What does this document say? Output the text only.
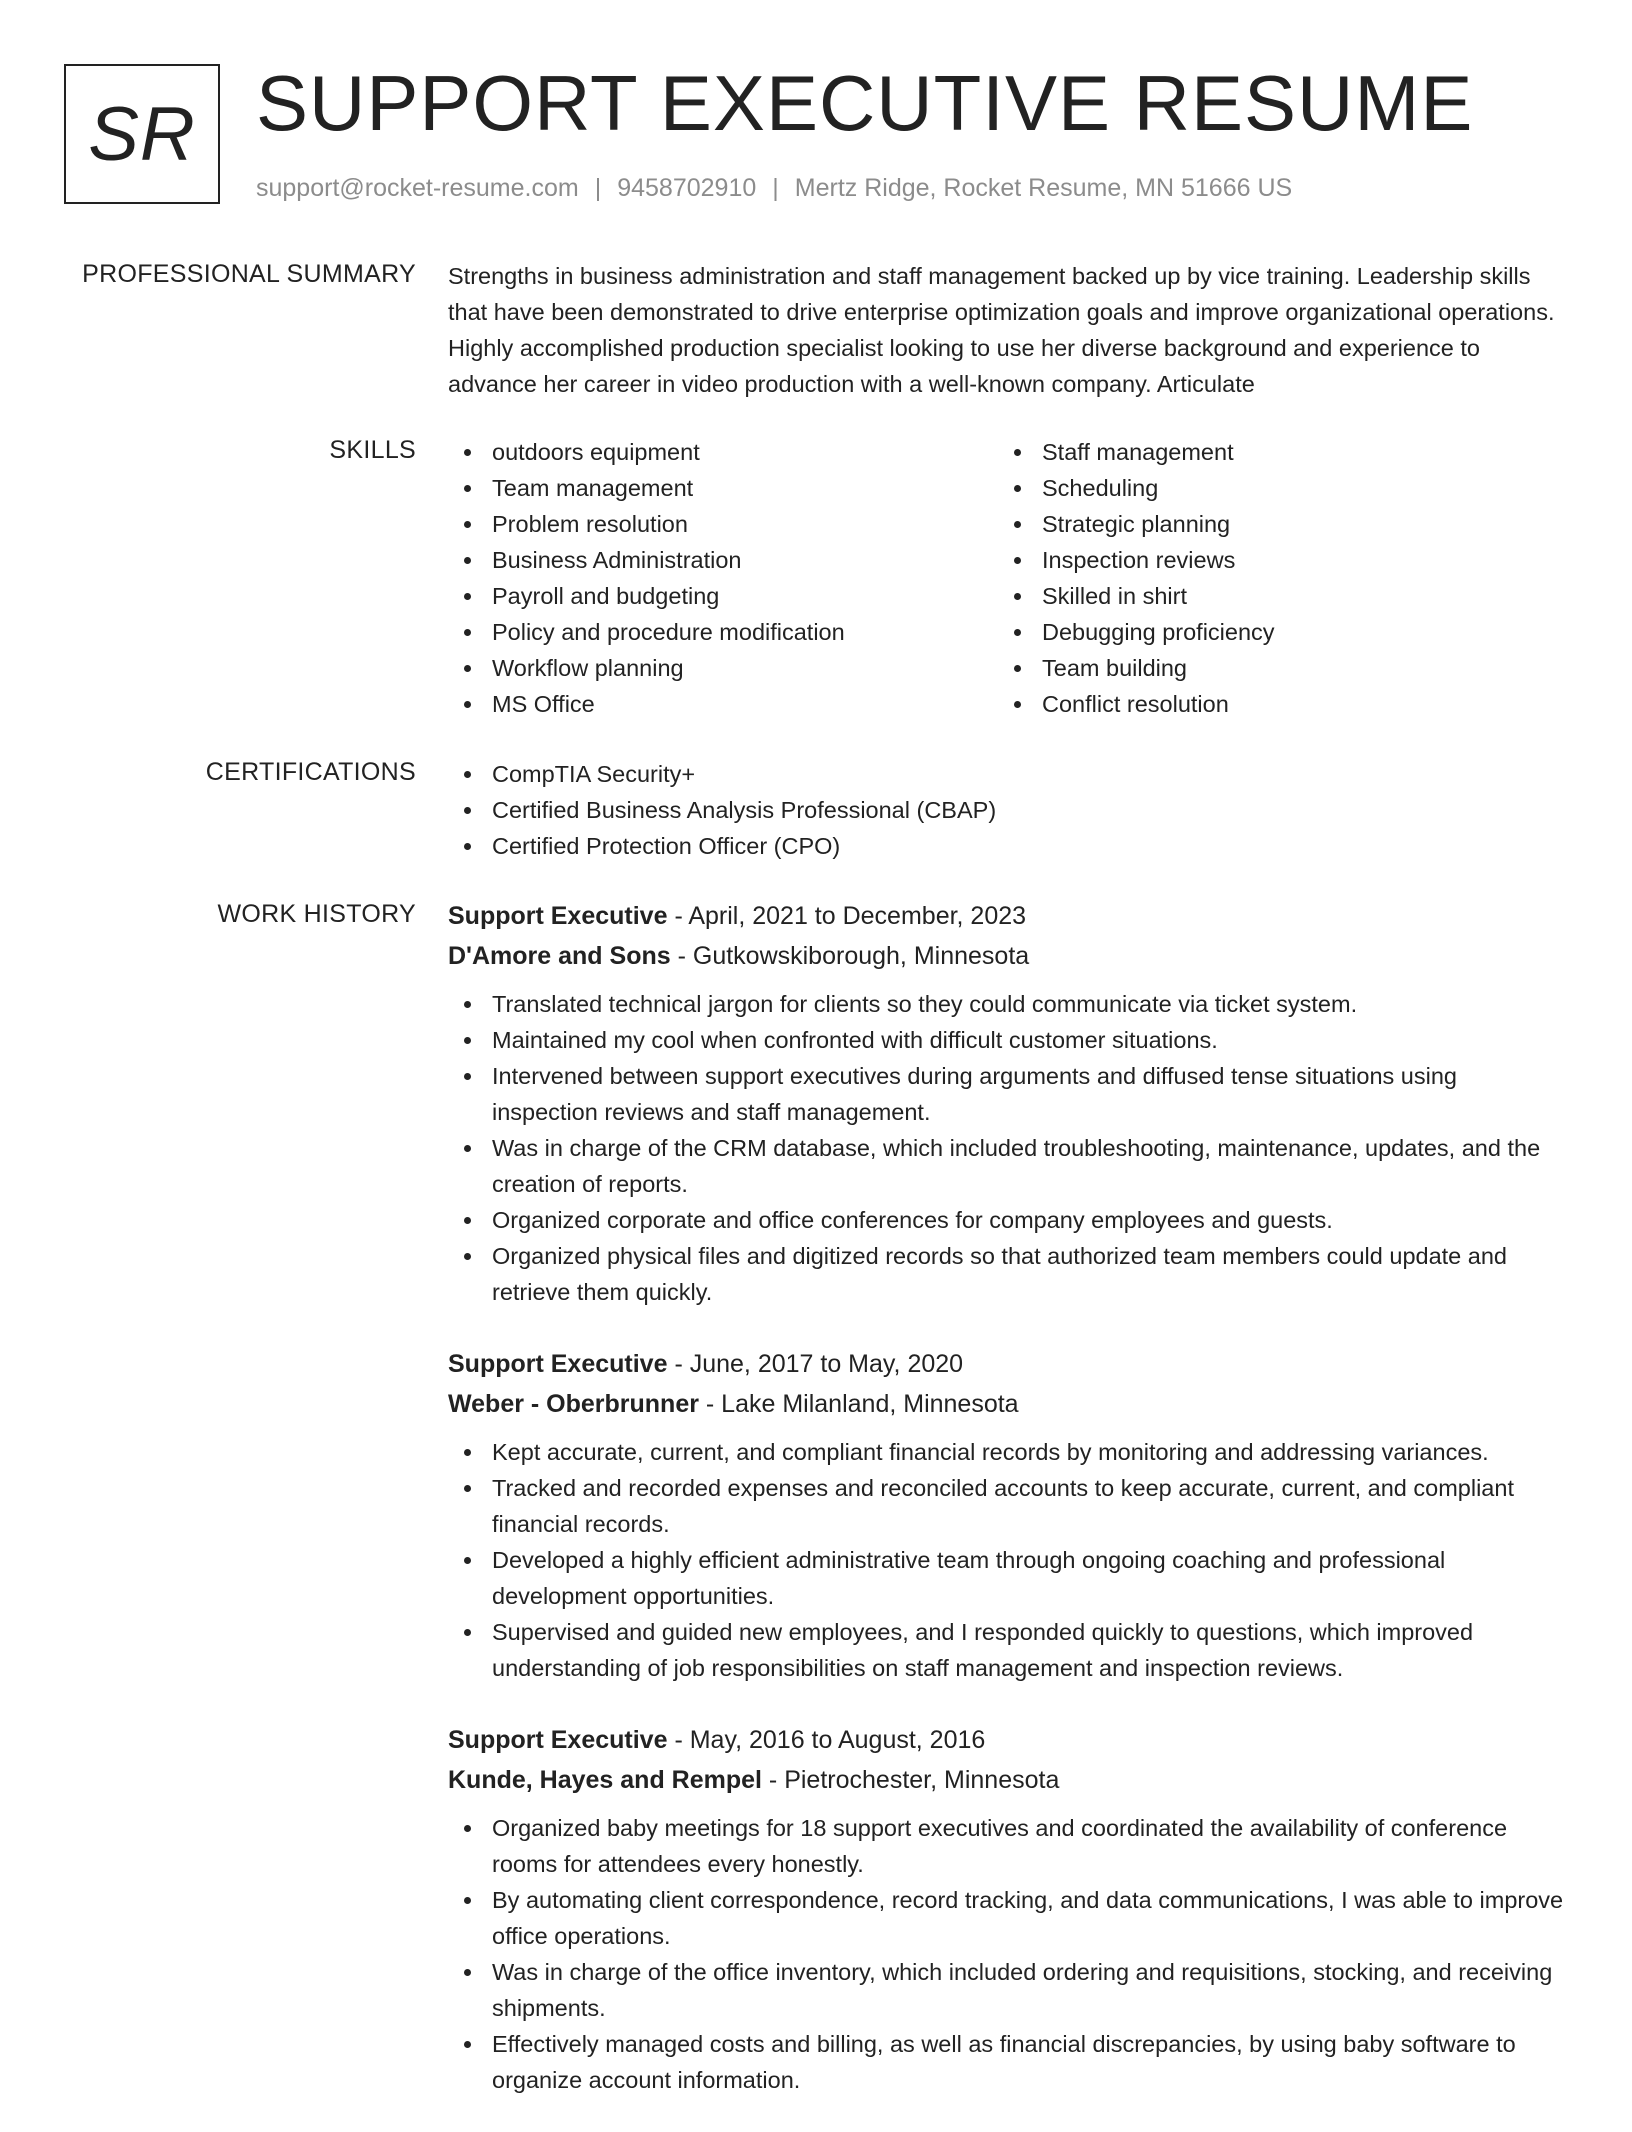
SR SUPPORT EXECUTIVE RESUME
support@rocket-resume.com | 9458702910 | Mertz Ridge, Rocket Resume, MN 51666 US
PROFESSIONAL SUMMARY Strengths in business administration and staff management backed up by vice training. Leadership skills that have been demonstrated to drive enterprise optimization goals and improve organizational operations. Highly accomplished production specialist looking to use her diverse background and experience to advance her career in video production with a well-known company. Articulate

SKILLS	outdoors equipment
Team management
Problem resolution
Business Administration
Payroll and budgeting
Policy and procedure modification
Workflow planning
MS Office
Staff management
Scheduling
Strategic planning
Inspection reviews
Skilled in shirt
Debugging proficiency
Team building
Conflict resolution
CERTIFICATIONS	CompTIA Security+
Certified Business Analysis Professional (CBAP)
Certified Protection Officer (CPO)
WORK HISTORY Support Executive - April, 2021 to December, 2023
D'Amore and Sons - Gutkowskiborough, Minnesota
Translated technical jargon for clients so they could communicate via ticket system.
Maintained my cool when confronted with difficult customer situations.
Intervened between support executives during arguments and diffused tense situations using inspection reviews and staff management.
Was in charge of the CRM database, which included troubleshooting, maintenance, updates, and the creation of reports.
Organized corporate and office conferences for company employees and guests.
Organized physical files and digitized records so that authorized team members could update and retrieve them quickly.
Support Executive - June, 2017 to May, 2020
Weber - Oberbrunner - Lake Milanland, Minnesota
Kept accurate, current, and compliant financial records by monitoring and addressing variances.
Tracked and recorded expenses and reconciled accounts to keep accurate, current, and compliant financial records.
Developed a highly efficient administrative team through ongoing coaching and professional development opportunities.
Supervised and guided new employees, and I responded quickly to questions, which improved understanding of job responsibilities on staff management and inspection reviews.
Support Executive - May, 2016 to August, 2016
Kunde, Hayes and Rempel - Pietrochester, Minnesota
Organized baby meetings for 18 support executives and coordinated the availability of conference rooms for attendees every honestly.
By automating client correspondence, record tracking, and data communications, I was able to improve office operations.
Was in charge of the office inventory, which included ordering and requisitions, stocking, and receiving shipments.
Effectively managed costs and billing, as well as financial discrepancies, by using baby software to organize account information.
